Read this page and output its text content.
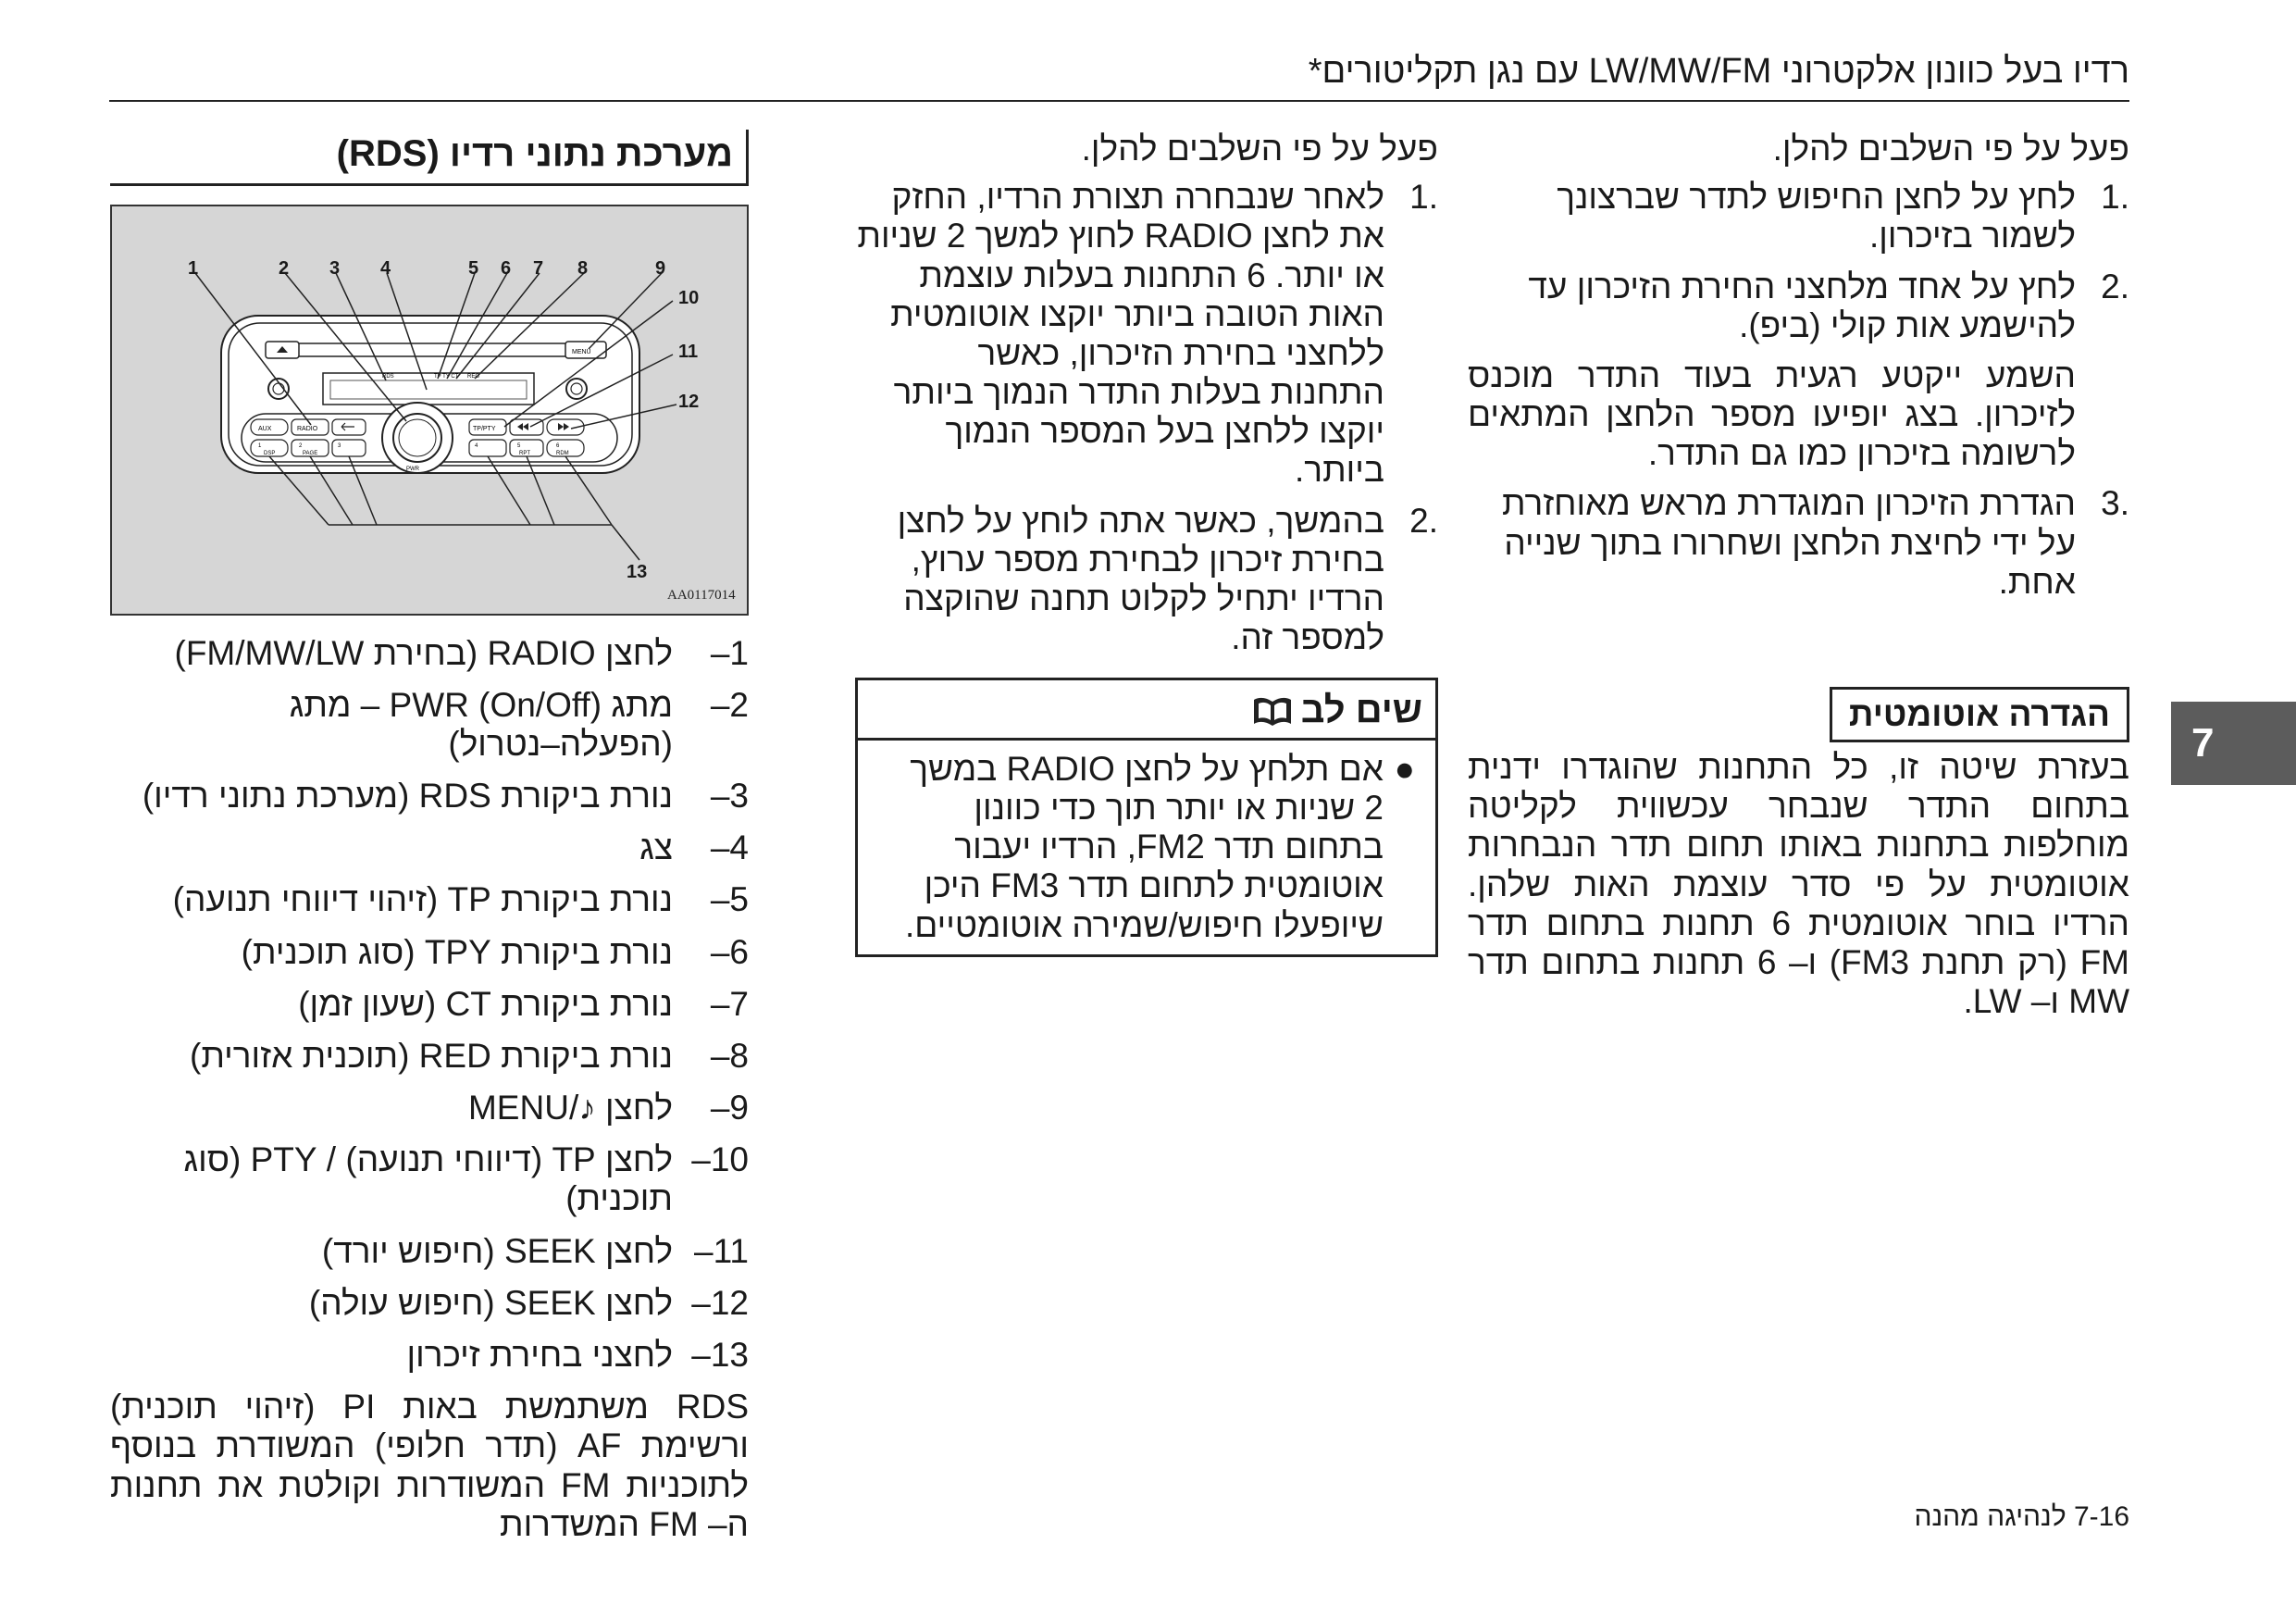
רדיו בעל כוונון אלקטרוני LW/MW/FM עם נגן תקליטורים*

פעל על פי השלבים להלן.

.1
לחץ על לחצן החיפוש לתדר שברצונך לשמור בזיכרון.
.2
לחץ על אחד מלחצני החירת הזיכרון עד להישמע אות קולי (ביפ).

השמע ייקטע רגעית בעוד התדר מוכנס לזיכרון. בצג יופיעו מספר הלחצן המתאים לרשומה בזיכרון כמו גם התדר.

.3
הגדרת הזיכרון המוגדרת מראש מאוחזרת על ידי לחיצת הלחצן ושחרורו בתוך שנייה אחת.
הגדרה אוטומטית

בעזרת שיטה זו, כל התחנות שהוגדרו ידנית בתחום התדר שנבחר עכשווית לקליטה מוחלפות בתחנות באותו תחום תדר הנבחרות אוטומטית על פי סדר עוצמת האות שלהן. הרדיו בוחר אוטומטית 6 תחנות בתחום תדר FM (רק תחנת FM3) ו– 6 תחנות בתחום תדר MW ו– LW.

פעל על פי השלבים להלן.

.1
לאחר שנבחרה תצורת הרדיו, החזק את לחצן RADIO לחוץ למשך 2 שניות או יותר. 6 התחנות בעלות עוצמת האות הטובה ביותר יוקצו אוטומטית ללחצני בחירת הזיכרון, כאשר התחנות בעלות התדר הנמוך ביותר יוקצו ללחצן בעל המספר הנמוך ביותר.
.2
בהמשך, כאשר אתה לוחץ על לחצן בחירת זיכרון לבחירת מספר ערוץ, הרדיו יתחיל לקלוט תחנה שהוקצה למספר זה.
שים לב
●
אם תלחץ על לחצן RADIO במשך 2 שניות או יותר תוך כדי כוונון בתחום תדר FM2, הרדיו יעבור אוטומטית לתחום תדר FM3 היכן שיופעלו חיפוש/שמירה אוטומטיים.
מערכת נתוני רדיו (RDS)
MENU
RDS	TP TY CT REG
AUX	RADIO	TP/PTY
1
DSP
2
PAGE
3	4	5
RPT
6
RDM
PWR
1	2 3 4	5 6 7 8	9
10
11
12
13
AA0117014
–1
לחצן RADIO (בחירת FM/MW/LW)
–2
מתג PWR (On/Off) – מתג (הפעלה–נטרול)
–3
נורת ביקורת RDS (מערכת נתוני רדיו)
–4
צג
–5
נורת ביקורת TP (זיהוי דיווחי תנועה)
–6
נורת ביקורת TPY (סוג תוכנית)
–7
נורת ביקורת CT (שעון זמן)
–8
נורת ביקורת RED (תוכנית אזורית)
–9
לחצן ♪/MENU
–10
לחצן TP (דיווחי תנועה) / PTY (סוג תוכנית)
–11
לחצן SEEK (חיפוש יורד)
–12
לחצן SEEK (חיפוש עולה)
–13
לחצני בחירת זיכרון

RDS משתמשת באות PI (זיהוי תוכנית) ורשימת AF (תדר חלופי) המשודרת בנוסף לתוכניות FM המשודרות וקולטת את תחנות ה– FM המשדרות

7
7-16 לנהיגה מהנה
